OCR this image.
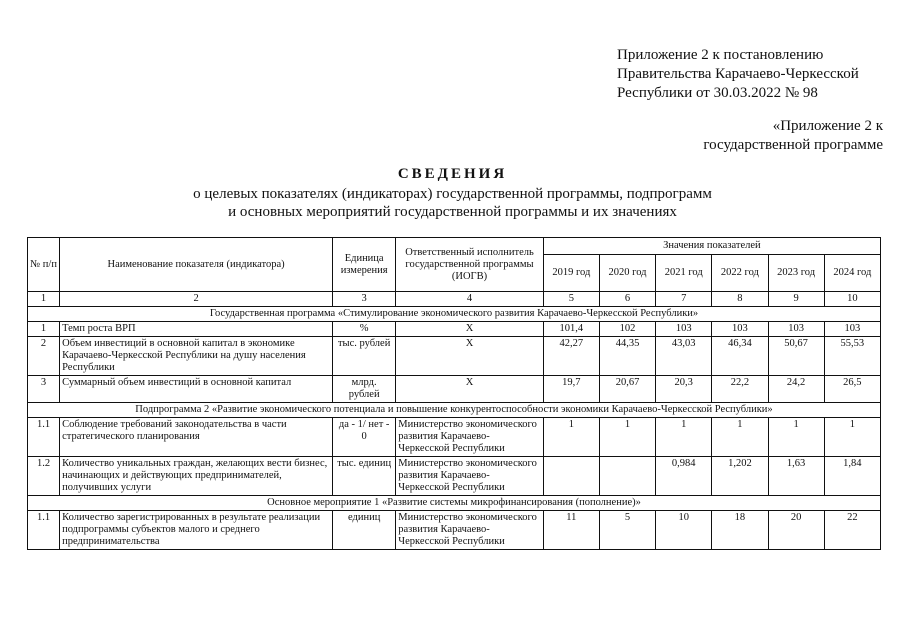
Приложение 2 к постановлению
Правительства Карачаево-Черкесской
Республики от 30.03.2022 № 98
«Приложение 2 к
государственной программе
СВЕДЕНИЯ
о целевых показателях (индикаторах) государственной программы, подпрограмм
и основных мероприятий государственной программы и их значениях
№ п/п	Наименование показателя (индикатора)	Единица измерения	Ответственный исполнитель государственной программы (ИОГВ)	Значения показателей					
				2019 год	2020 год	2021 год	2022 год	2023 год	2024 год
1	2	3	4	5	6	7	8	9	10
Государственная программа «Стимулирование экономического развития Карачаево-Черкесской Республики»									
1	Темп роста ВРП	%	X	101,4	102	103	103	103	103
2	Объем инвестиций в основной капитал в экономике Карачаево-Черкесской Республики на душу населения Республики	тыс. рублей	X	42,27	44,35	43,03	46,34	50,67	55,53
3	Суммарный объем инвестиций в основной капитал	млрд. рублей	X	19,7	20,67	20,3	22,2	24,2	26,5
Подпрограмма 2 «Развитие экономического потенциала и повышение конкурентоспособности экономики Карачаево-Черкесской Республики»									
1.1	Соблюдение требований законодательства в части стратегического планирования	да - 1/ нет - 0	Министерство экономического развития Карачаево-Черкесской Республики	1	1	1	1	1	1
1.2	Количество уникальных граждан, желающих вести бизнес, начинающих и действующих предпринимателей, получивших услуги	тыс. единиц	Министерство экономического развития Карачаево-Черкесской Республики			0,984	1,202	1,63	1,84
Основное мероприятие 1 «Развитие системы микрофинансирования (пополнение)»									
1.1	Количество зарегистрированных в результате реализации подпрограммы субъектов малого и среднего предпринимательства	единиц	Министерство экономического развития Карачаево-Черкесской Республики	11	5	10	18	20	22
